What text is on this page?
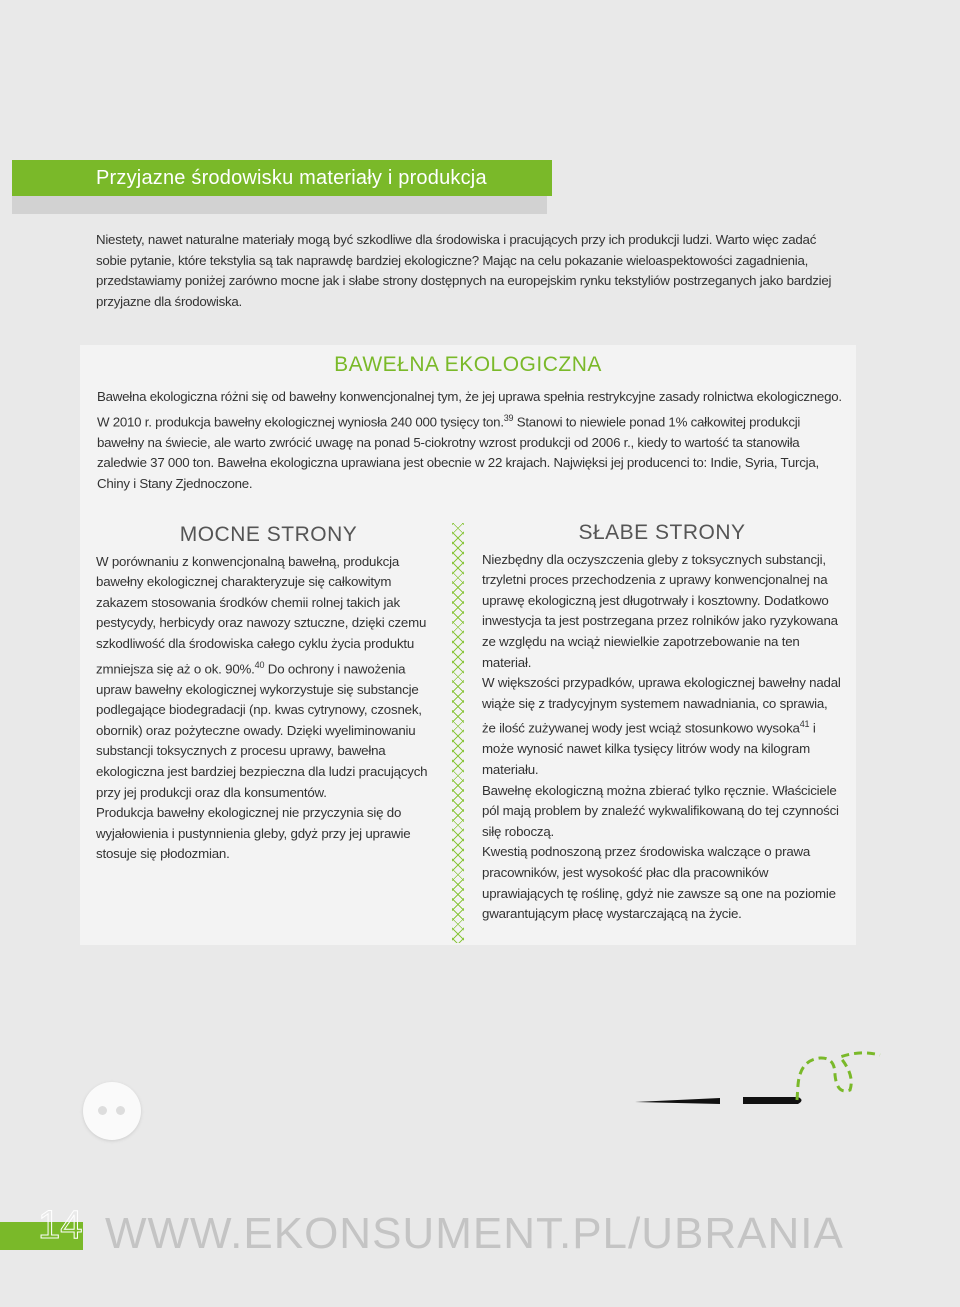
Przyjazne środowisku materiały i produkcja

Niestety, nawet naturalne materiały mogą być szkodliwe dla środowiska i pracujących przy ich produkcji ludzi. Warto więc zadać sobie pytanie, które tekstylia są tak naprawdę bardziej ekologiczne? Mając na celu pokazanie wieloaspektowości zagadnienia, przedstawiamy poniżej zarówno mocne jak i słabe strony dostępnych na europejskim rynku tekstyliów postrzeganych jako bardziej przyjazne dla środowiska.

BAWEŁNA EKOLOGICZNA

Bawełna ekologiczna różni się od bawełny konwencjonalnej tym, że jej uprawa spełnia restrykcyjne zasady rolnictwa ekologicznego. W 2010 r. produkcja bawełny ekologicznej wyniosła 240 000 tysięcy ton.$^{39}$ Stanowi to niewiele ponad 1% całkowitej produkcji bawełny na świecie, ale warto zwrócić uwagę na ponad 5-ciokrotny wzrost produkcji od 2006 r., kiedy to wartość ta stanowiła zaledwie 37 000 ton. Bawełna ekologiczna uprawiana jest obecnie w 22 krajach. Najwięksi jej producenci to: Indie, Syria, Turcja, Chiny i Stany Zjednoczone.

MOCNE STRONY

W porównaniu z konwencjonalną bawełną, produkcja bawełny ekologicznej charakteryzuje się całkowitym zakazem stosowania środków chemii rolnej takich jak pestycydy, herbicydy oraz nawozy sztuczne, dzięki czemu szkodliwość dla środowiska całego cyklu życia produktu zmniejsza się aż o ok. 90%.$^{40}$ Do ochrony i nawożenia upraw bawełny ekologicznej wykorzystuje się substancje podlegające biodegradacji (np. kwas cytrynowy, czosnek, obornik) oraz pożyteczne owady. Dzięki wyeliminowaniu substancji toksycznych z procesu uprawy, bawełna ekologiczna jest bardziej bezpieczna dla ludzi pracujących przy jej produkcji oraz dla konsumentów.

Produkcja bawełny ekologicznej nie przyczynia się do wyjałowienia i pustynnienia gleby, gdyż przy jej uprawie stosuje się płodozmian.

SŁABE STRONY

Niezbędny dla oczyszczenia gleby z toksycznych substancji, trzyletni proces przechodzenia z uprawy konwencjonalnej na uprawę ekologiczną jest długotrwały i kosztowny. Dodatkowo inwestycja ta jest postrzegana przez rolników jako ryzykowana ze względu na wciąż niewielkie zapotrzebowanie na ten materiał.

W większości przypadków, uprawa ekologicznej bawełny nadal wiąże się z tradycyjnym systemem nawadniania, co sprawia, że ilość zużywanej wody jest wciąż stosunkowo wysoka$^{41}$ i może wynosić nawet kilka tysięcy litrów wody na kilogram materiału.

Bawełnę ekologiczną można zbierać tylko ręcznie. Właściciele pól mają problem by znaleźć wykwalifikowaną do tej czynności siłę roboczą.

Kwestią podnoszoną przez środowiska walczące o prawa pracowników, jest wysokość płac dla pracowników uprawiających tę roślinę, gdyż nie zawsze są one na poziomie gwarantującym płacę wystarczającą na życie.

14 WWW.EKONSUMENT.PL/UBRANIA
